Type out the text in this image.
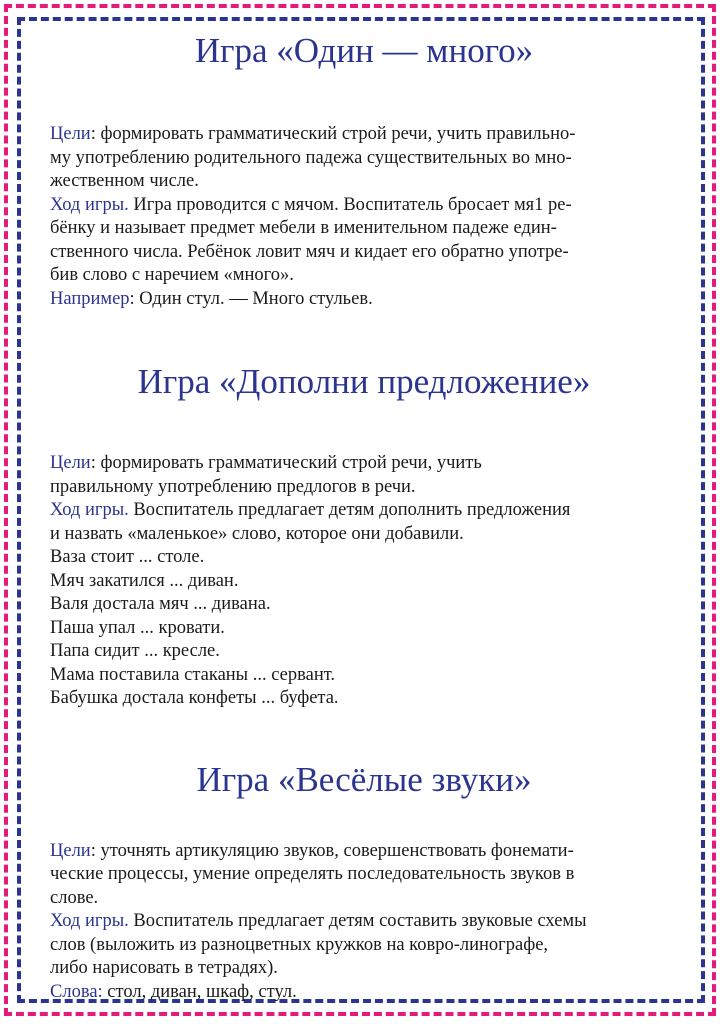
Игра «Один — много»

Цели: формировать грамматический строй речи, учить правильно-
му употреблению родительного падежа существительных во мно-
жественном числе.

Ход игры. Игра проводится с мячом. Воспитатель бросает мя1 ре-
бёнку и называет предмет мебели в именительном падеже един-
ственного числа. Ребёнок ловит мяч и кидает его обратно употре-
бив слово с наречием «много».

Например: Один стул. — Много стульев.

Игра «Дополни предложение»

Цели: формировать грамматический строй речи, учить
правильному употреблению предлогов в речи.

Ход игры. Воспитатель предлагает детям дополнить предложения
и назвать «маленькое» слово, которое они добавили.

Ваза стоит ... столе.
Мяч закатился ... диван.
Валя достала мяч ... дивана.
Паша упал ... кровати.
Папа сидит ... кресле.
Мама поставила стаканы ... сервант.
Бабушка достала конфеты ... буфета.

Игра «Весёлые звуки»

Цели: уточнять артикуляцию звуков, совершенствовать фонемати-
ческие процессы, умение определять последовательность звуков в
слове.

Ход игры. Воспитатель предлагает детям составить звуковые схемы
слов (выложить из разноцветных кружков на ковро-линографе,
либо нарисовать в тетрадях).

Слова: стол, диван, шкаф, стул.
